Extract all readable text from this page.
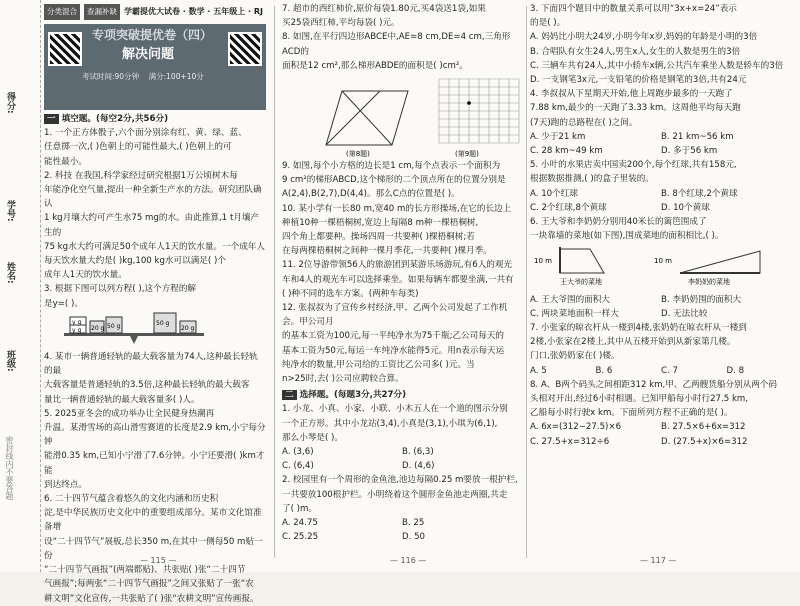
得分:
学号:
姓名:
班级:
密封线内不要答题
分类混合	查漏补缺 学霸提优大试卷 · 数学 · 五年级上 · RJ
专项突破提优卷（四）
解决问题
考试时间:90分钟 满分:100+10分
一 填空题。(每空2分,共56分)
1. 一个正方体骰子,六个面分别涂有红、黄、绿、蓝、
任意掷一次,( )色朝上的可能性最大,( )色朝上的可
能性最小。
2. 科技 在我国,科学家经过研究根据1万公顷树木每
年能净化空气量,提出一种全新生产水的方法。研究团队确认
1 kg月壤大约可产生水75 mg的水。由此推算,1 t月壤产生的
75 kg水大约可满足50个成年人1天的饮水量。一个成年人
每天饮水量大约是( )kg,100 kg水可以满足( )个
成年人1天的饮水量。
3. 根据下图可以列方程( ),这个方程的解
是y=( )。
y g
y g 20 g 50 g	50 g
20 g
4. 某市一辆普通轻轨的最大载客量为74人,这种最长轻轨的最
大载客量是普通轻轨的3.5倍,这种最长轻轨的最大载客
量比一辆普通轻轨的最大载客量多( )人。
5. 2025亚冬会的成功举办让全民健身热潮再
升温。某滑雪场的高山滑雪赛道的长度是2.9 km,小宁每分钟
能滑0.35 km,已知小宁滑了7.6分钟。小宁还要滑( )km才能
到达终点。
6. 二十四节气蕴含着悠久的文化内涵和历史积
淀,是中华民族历史文化中的重要组成部分。某市文化馆准备增
设“二十四节气”展板,总长350 m,在其中一侧每50 m贴一份
“二十四节气画报”(两端都贴)、共张贴( )张“二十四节
气画报”;每两张“二十四节气画报”之间又张贴了一张“农
耕文明”文化宣传,一共张贴了( )张“农耕文明”宣传画报。
— 115 —
7. 超市的西红柿价,原价每袋1.80元,买4袋送1袋,如果
买25袋西红柿,平均每袋( )元。
8. 如图,在平行四边形ABCE中,AE=8 cm,DE=4 cm,三角形ACD的
面积是12 cm²,那么梯形ABDE的面积是( )cm²。
(第8题)	(第9题)
9. 如图,每个小方格的边长是1 cm,每个点表示一个面积为
9 cm²的梯形ABCD,这个梯形的二个顶点所在的位置分别是
A(2,4),B(2,7),D(4,4)。那么C点的位置是( )。
10. 某小学有一长80 m,宽40 m的长方形操场,在它的长边上
种植10种一棵梧桐树,宽边上每隔8 m种一棵梧桐树,
四个角上都要种。操场四周一共要种( )棵梧桐树;若
在每两棵梧桐树之间种一棵月季花,一共要种( )棵月季。
11. 2位导游带领56人的旅游团到某游乐场游玩,有6人的观光
车和4人的观光车可以选择乘坐。如果每辆车都要坐满,一共有
( )种不同的选车方案。(两种车每类)
12. 张叔叔为了宣传乡村经济,甲、乙两个公司发起了工作机会。甲公司月
的基本工资为100元,每一平纯净水为75千瓶;乙公司每天的
基本工资为50元,每运一车纯净水能得5元。用n表示每天运
纯净水的数量,甲公司给的工资比乙公司多( )元。当
n>25时,去( )公司应聘较合算。
二 选择题。(每题3分,共27分)
1. 小龙、小真、小家、小联、小木五人在一个道的图示分别
一个正方形。其中小龙站(3,4),小真是(3,1),小琪为(6,1),
那么小琴是( )。
A. (3,6)	B. (6,3)
C. (6,4)	D. (4,6)
2. 校园里有一个周形的金鱼池,池边每隔0.25 m要放一根护栏,
一共要放100根护栏。小明绕着这个圆形金鱼池走两圈,共走
了( )m。
A. 24.75	B. 25
C. 25.25	D. 50
— 116 —
3. 下面四个题目中的数量关系可以用“3x+x=24”表示
的是( )。
A. 妈妈比小明大24岁,小明今年x岁,妈妈的年龄是小明的3倍
B. 合唱队有女生24人,男生x人,女生的人数是男生的3倍
C. 三辆车共有24人,其中小轿车x辆,公共汽车乘坐人数是轿车的3倍
D. 一支钢笔3x元,一支铅笔的价格是钢笔的3倍,共有24元
4. 李叔叔从下星期天开始,他上周跑步最多的一天跑了
7.88 km,最少的一天跑了3.33 km。这周他平均每天跑
(7天)跑的总路程在( )之间。
A. 少于21 km	B. 21 km~56 km
C. 28 km~49 km	D. 多于56 km
5. 小叶的水果店卖中国卖200个,每个红球,共有158元,
根据数据推测,( )的盒子里装的。
A. 10个红球	B. 8个红球,2个黄球
C. 2个红球,8个黄球	D. 10个黄球
6. 王大爷和李奶奶分别用40米长的篱笆围成了
一块靠墙的菜地(如下图),围成菜地的面积相比,( )。
10 m	10 m
王大爷的菜地	李奶奶的菜地
A. 王大爷围的面积大	B. 李奶奶围的面积大
C. 两块菜地面积一样大	D. 无法比较
7. 小张家的晾衣杆从一楼到4楼,张奶奶在晾衣杆从一楼到
2楼,小张家在2楼上,其中从五楼开始到从新家第几楼。
门口,张奶奶家在( )楼。
A. 5	B. 6	C. 7	D. 8
8. A、B两个码头之间相距312 km,甲、乙两艘货船分别从两个码
头相对开出,经过6小时相遇。已知甲船每小时行27.5 km,
乙船每小时行驶x km。下面所列方程不正确的是( )。
A. 6x=(312−27.5)×6	B. 27.5×6+6x=312
C. 27.5+x=312÷6	D. (27.5+x)×6=312
— 117 —
